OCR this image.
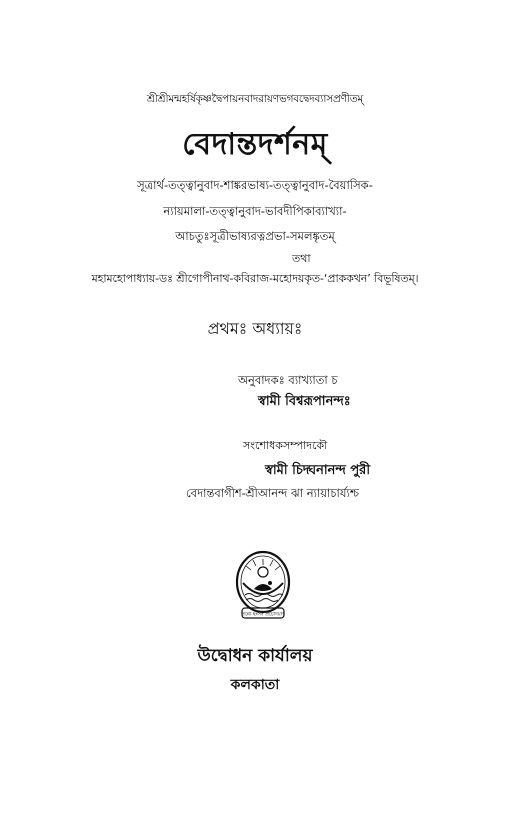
শ্রীশ্রীমন্মহর্ষিকৃষ্ণদ্বৈপায়নবাদরায়ণভগবদ্বেদব্যাসপ্রণীতম্
বেদান্তদর্শনম্
সূত্রার্থ-তত্ত্বানুবাদ-শাঙ্করভাষ্য-তত্ত্বানুবাদ-বৈয়াসিক-
ন্যায়মালা-তত্ত্বানুবাদ-ভাবদীপিকাব্যাখ্যা-
আচতুঃসূত্রীভাষ্যরত্নপ্রভা-সমলঙ্কৃতম্
তথা
মহামহোপাধ্যায়-ডঃ শ্রীগোপীনাথ-কবিরাজ-মহোদয়কৃত-‘প্রাককথন’ বিভূষিতম্।
প্রথমঃ অধ্যায়ঃ
অনুবাদকঃ ব্যাখ্যাতা চ
স্বামী বিশ্বরূপানন্দঃ
সংশোধকসম্পাদকৌ
স্বামী চিদ্ঘনানন্দ পুরী
বেদান্তবাগীশ-শ্রীআনন্দ ঝা ন্যায়াচার্য্যশ্চ
তন্নো হংসঃ প্রচোদয়াৎ
উদ্বোধন কার্যালয়
কলকাতা
